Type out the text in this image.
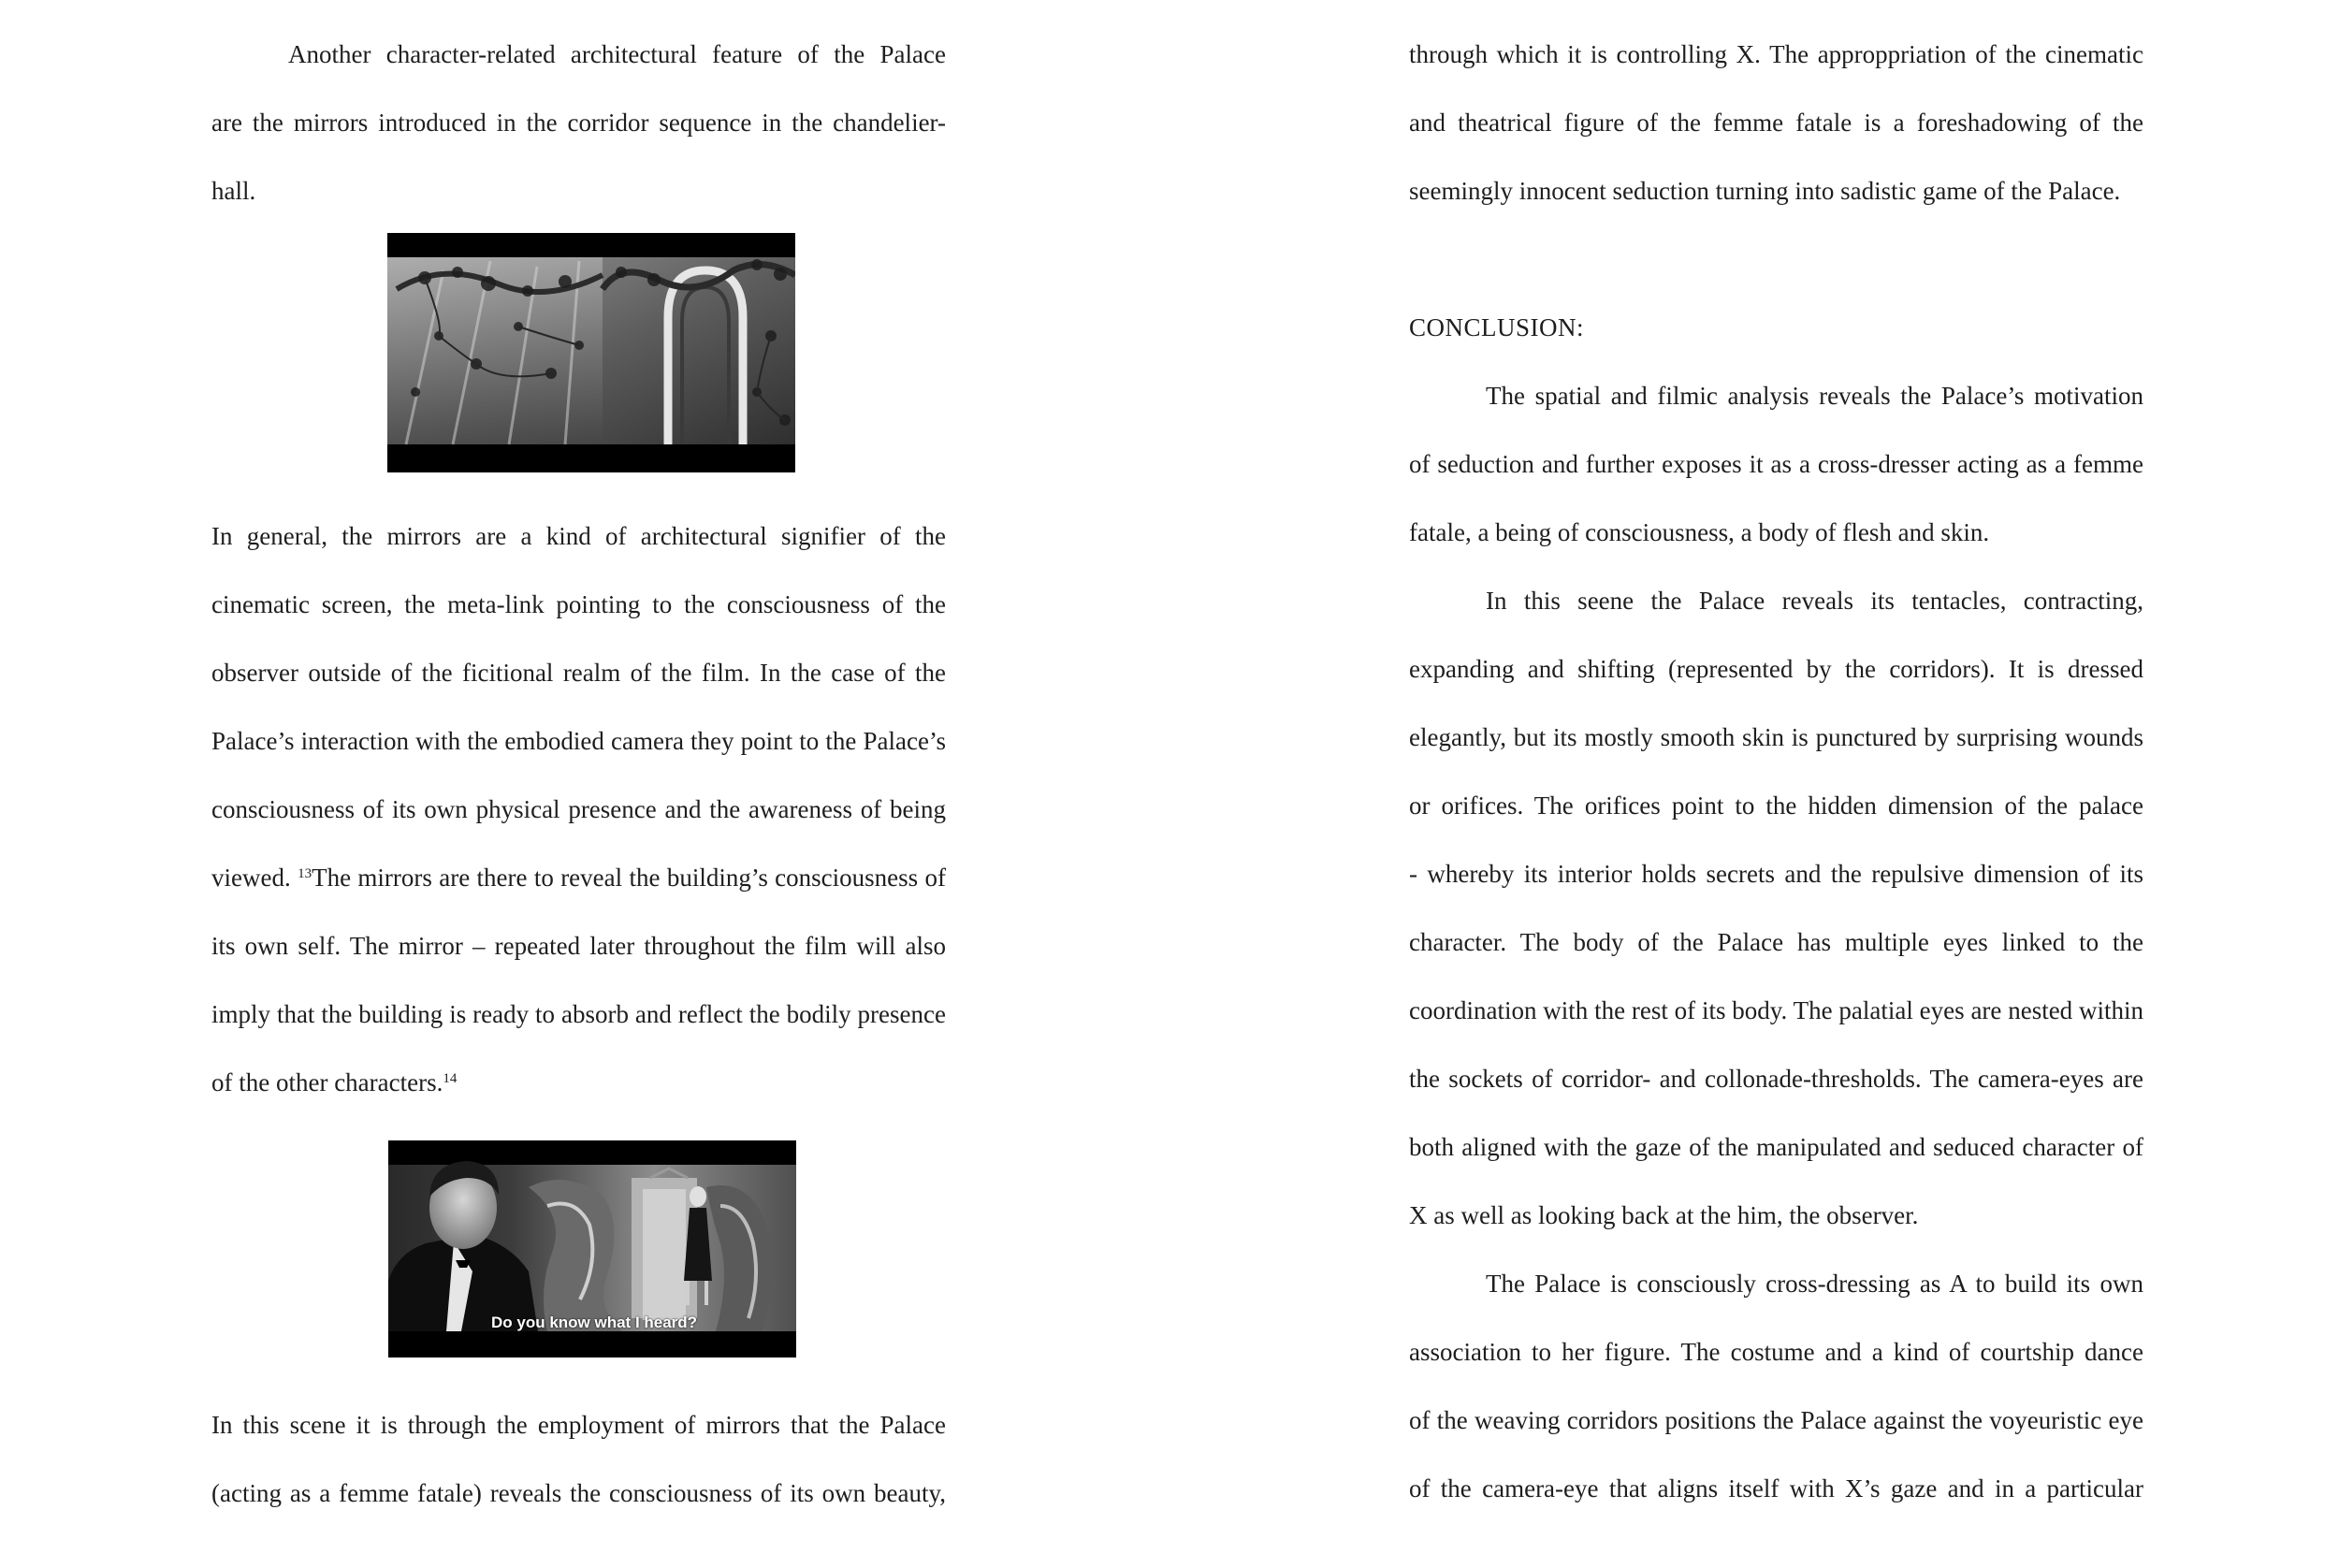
Another character-related architectural feature of the Palace
are the mirrors introduced in the corridor sequence in the chandelier-
hall.
In general, the mirrors are a kind of architectural signifier of the
cinematic screen, the meta-link pointing to the consciousness of the
observer outside of the ficitional realm of the film. In the case of the
Palace’s interaction with the embodied camera they point to the Palace’s
consciousness of its own physical presence and the awareness of being
viewed. $^{13}$The mirrors are there to reveal the building’s consciousness of
its own self. The mirror – repeated later throughout the film will also
imply that the building is ready to absorb and reflect the bodily presence
of the other characters.$^{14}$
In this scene it is through the employment of mirrors that the Palace
(acting as a femme fatale) reveals the consciousness of its own beauty,
Do you know what I heard?
through which it is controlling X. The approppriation of the cinematic
and theatrical figure of the femme fatale is a foreshadowing of the
seemingly innocent seduction turning into sadistic game of the Palace.
CONCLUSION:
The spatial and filmic analysis reveals the Palace’s motivation
of seduction and further exposes it as a cross-dresser acting as a femme
fatale, a being of consciousness, a body of flesh and skin.
In this seene the Palace reveals its tentacles, contracting,
expanding and shifting (represented by the corridors). It is dressed
elegantly, but its mostly smooth skin is punctured by surprising wounds
or orifices. The orifices point to the hidden dimension of the palace
- whereby its interior holds secrets and the repulsive dimension of its
character. The body of the Palace has multiple eyes linked to the
coordination with the rest of its body. The palatial eyes are nested within
the sockets of corridor- and collonade-thresholds. The camera-eyes are
both aligned with the gaze of the manipulated and seduced character of
X as well as looking back at the him, the observer.
The Palace is consciously cross-dressing as A to build its own
association to her figure. The costume and a kind of courtship dance
of the weaving corridors positions the Palace against the voyeuristic eye
of the camera-eye that aligns itself with X’s gaze and in a particular
